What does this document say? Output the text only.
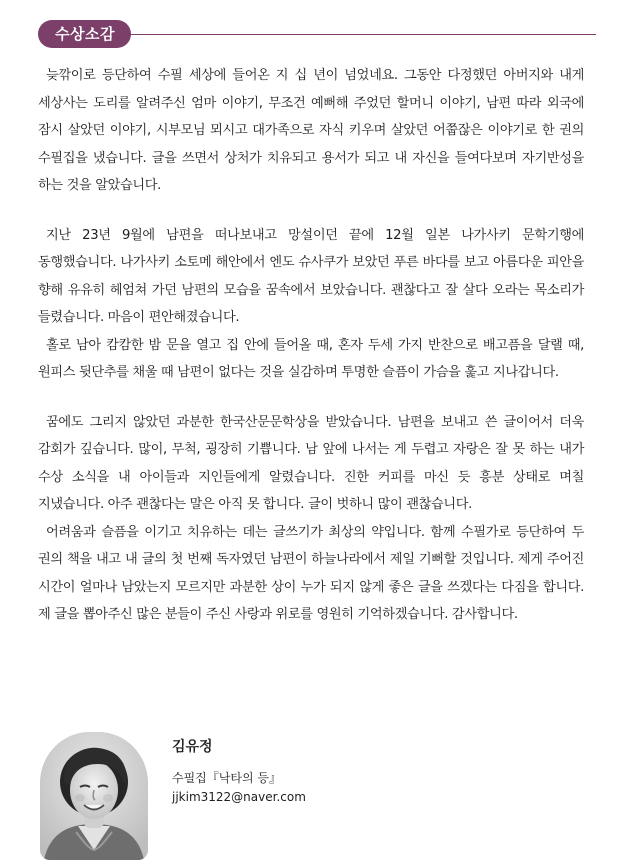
수상소감

늦깎이로 등단하여 수필 세상에 들어온 지 십 년이 넘었네요. 그동안 다정했던 아버지와 내게 세상사는 도리를 알려주신 엄마 이야기, 무조건 예뻐해 주었던 할머니 이야기, 남편 따라 외국에 잠시 살았던 이야기, 시부모님 뫼시고 대가족으로 자식 키우며 살았던 어쭙잖은 이야기로 한 권의 수필집을 냈습니다. 글을 쓰면서 상처가 치유되고 용서가 되고 내 자신을 들여다보며 자기반성을 하는 것을 알았습니다.

지난 23년 9월에 남편을 떠나보내고 망설이던 끝에 12월 일본 나가사키 문학기행에 동행했습니다. 나가사키 소토메 해안에서 엔도 슈사쿠가 보았던 푸른 바다를 보고 아름다운 피안을 향해 유유히 헤엄쳐 가던 남편의 모습을 꿈속에서 보았습니다. 괜찮다고 잘 살다 오라는 목소리가 들렸습니다. 마음이 편안해졌습니다.

홀로 남아 캄캄한 밤 문을 열고 집 안에 들어올 때, 혼자 두세 가지 반찬으로 배고픔을 달랠 때, 원피스 뒷단추를 채울 때 남편이 없다는 것을 실감하며 투명한 슬픔이 가슴을 훑고 지나갑니다.

꿈에도 그리지 않았던 과분한 한국산문문학상을 받았습니다. 남편을 보내고 쓴 글이어서 더욱 감회가 깊습니다. 많이, 무척, 굉장히 기쁩니다. 남 앞에 나서는 게 두렵고 자랑은 잘 못 하는 내가 수상 소식을 내 아이들과 지인들에게 알렸습니다. 진한 커피를 마신 듯 흥분 상태로 며칠 지냈습니다. 아주 괜찮다는 말은 아직 못 합니다. 글이 벗하니 많이 괜찮습니다.

어려움과 슬픔을 이기고 치유하는 데는 글쓰기가 최상의 약입니다. 함께 수필가로 등단하여 두 권의 책을 내고 내 글의 첫 번째 독자였던 남편이 하늘나라에서 제일 기뻐할 것입니다. 제게 주어진 시간이 얼마나 남았는지 모르지만 과분한 상이 누가 되지 않게 좋은 글을 쓰겠다는 다짐을 합니다. 제 글을 뽑아주신 많은 분들이 주신 사랑과 위로를 영원히 기억하겠습니다. 감사합니다.

김유정
수필집『낙타의 등』
jjkim3122@naver.com
